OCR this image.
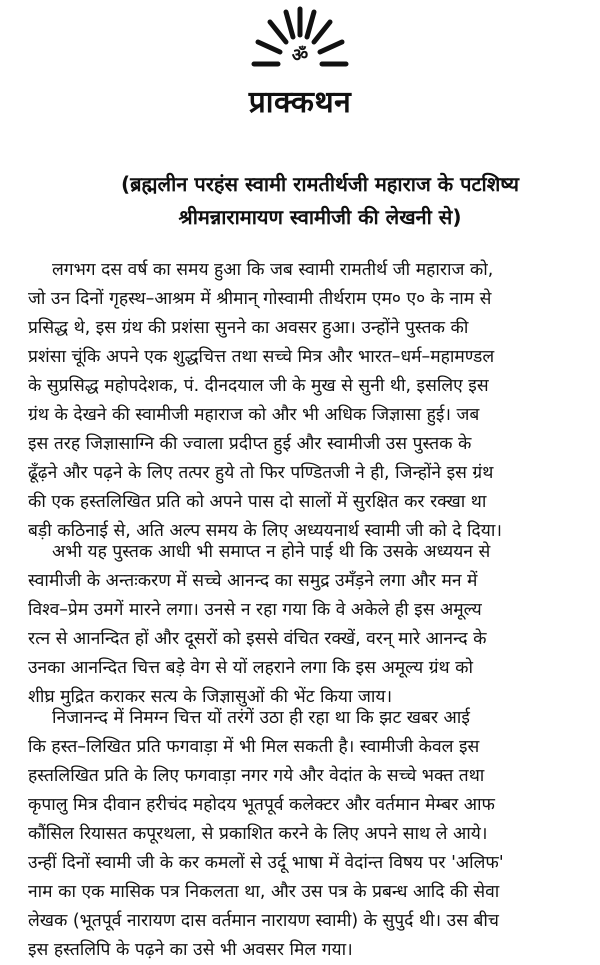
ॐ
प्राक्कथन
(ब्रह्मलीन परहंस स्वामी रामतीर्थजी महाराज के पटशिष्य
श्रीमन्नारामायण स्वामीजी की लेखनी से)
लगभग दस वर्ष का समय हुआ कि जब स्वामी रामतीर्थ जी महाराज को,
जो उन दिनों गृहस्थ–आश्रम में श्रीमान् गोस्वामी तीर्थराम एम० ए० के नाम से
प्रसिद्ध थे, इस ग्रंथ की प्रशंसा सुनने का अवसर हुआ। उन्होंने पुस्तक की
प्रशंसा चूंकि अपने एक शुद्धचित्त तथा सच्चे मित्र और भारत–धर्म–महामण्डल
के सुप्रसिद्ध महोपदेशक, पं. दीनदयाल जी के मुख से सुनी थी, इसलिए इस
ग्रंथ के देखने की स्वामीजी महाराज को और भी अधिक जिज्ञासा हुई। जब
इस तरह जिज्ञासाग्नि की ज्वाला प्रदीप्त हुई और स्वामीजी उस पुस्तक के
ढूँढ़ने और पढ़ने के लिए तत्पर हुये तो फिर पण्डितजी ने ही, जिन्होंने इस ग्रंथ
की एक हस्तलिखित प्रति को अपने पास दो सालों में सुरक्षित कर रक्खा था
बड़ी कठिनाई से, अति अल्प समय के लिए अध्ययनार्थ स्वामी जी को दे दिया।
अभी यह पुस्तक आधी भी समाप्त न होने पाई थी कि उसके अध्ययन से
स्वामीजी के अन्तःकरण में सच्चे आनन्द का समुद्र उमँड़ने लगा और मन में
विश्व–प्रेम उमगें मारने लगा। उनसे न रहा गया कि वे अकेले ही इस अमूल्य
रत्न से आनन्दित हों और दूसरों को इससे वंचित रक्खें, वरन् मारे आनन्द के
उनका आनन्दित चित्त बड़े वेग से यों लहराने लगा कि इस अमूल्य ग्रंथ को
शीघ्र मुद्रित कराकर सत्य के जिज्ञासुओं की भेंट किया जाय।
निजानन्द में निमग्न चित्त यों तरंगें उठा ही रहा था कि झट खबर आई
कि हस्त–लिखित प्रति फगवाड़ा में भी मिल सकती है। स्वामीजी केवल इस
हस्तलिखित प्रति के लिए फगवाड़ा नगर गये और वेदांत के सच्चे भक्त तथा
कृपालु मित्र दीवान हरीचंद महोदय भूतपूर्व कलेक्टर और वर्तमान मेम्बर आफ
कौंसिल रियासत कपूरथला, से प्रकाशित करने के लिए अपने साथ ले आये।
उन्हीं दिनों स्वामी जी के कर कमलों से उर्दू भाषा में वेदांन्त विषय पर 'अलिफ'
नाम का एक मासिक पत्र निकलता था, और उस पत्र के प्रबन्ध आदि की सेवा
लेखक (भूतपूर्व नारायण दास वर्तमान नारायण स्वामी) के सुपुर्द थी। उस बीच
इस हस्तलिपि के पढ़ने का उसे भी अवसर मिल गया।
